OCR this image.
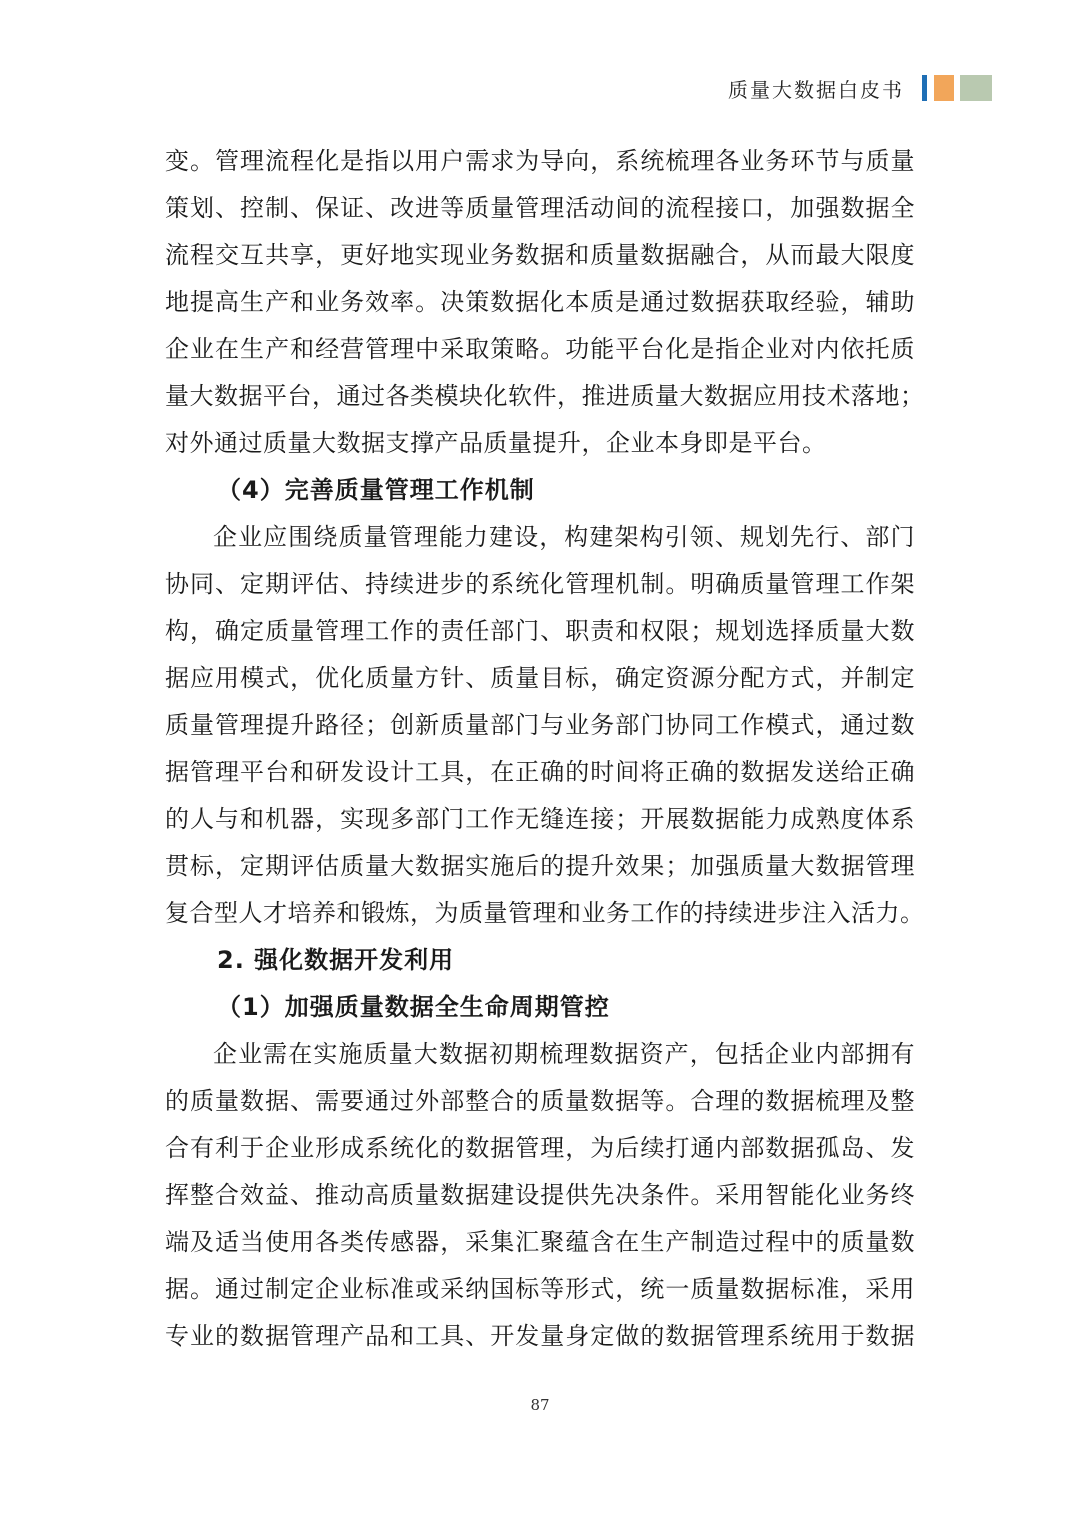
质量大数据白皮书
变。管理流程化是指以用户需求为导向，系统梳理各业务环节与质量
策划、控制、保证、改进等质量管理活动间的流程接口，加强数据全
流程交互共享，更好地实现业务数据和质量数据融合，从而最大限度
地提高生产和业务效率。决策数据化本质是通过数据获取经验，辅助
企业在生产和经营管理中采取策略。功能平台化是指企业对内依托质
量大数据平台，通过各类模块化软件，推进质量大数据应用技术落地；
对外通过质量大数据支撑产品质量提升，企业本身即是平台。
（4）完善质量管理工作机制
企业应围绕质量管理能力建设，构建架构引领、规划先行、部门
协同、定期评估、持续进步的系统化管理机制。明确质量管理工作架
构，确定质量管理工作的责任部门、职责和权限；规划选择质量大数
据应用模式，优化质量方针、质量目标，确定资源分配方式，并制定
质量管理提升路径；创新质量部门与业务部门协同工作模式，通过数
据管理平台和研发设计工具，在正确的时间将正确的数据发送给正确
的人与和机器，实现多部门工作无缝连接；开展数据能力成熟度体系
贯标，定期评估质量大数据实施后的提升效果；加强质量大数据管理
复合型人才培养和锻炼，为质量管理和业务工作的持续进步注入活力。
2. 强化数据开发利用
（1）加强质量数据全生命周期管控
企业需在实施质量大数据初期梳理数据资产，包括企业内部拥有
的质量数据、需要通过外部整合的质量数据等。合理的数据梳理及整
合有利于企业形成系统化的数据管理，为后续打通内部数据孤岛、发
挥整合效益、推动高质量数据建设提供先决条件。采用智能化业务终
端及适当使用各类传感器，采集汇聚蕴含在生产制造过程中的质量数
据。通过制定企业标准或采纳国标等形式，统一质量数据标准，采用
专业的数据管理产品和工具、开发量身定做的数据管理系统用于数据
87
